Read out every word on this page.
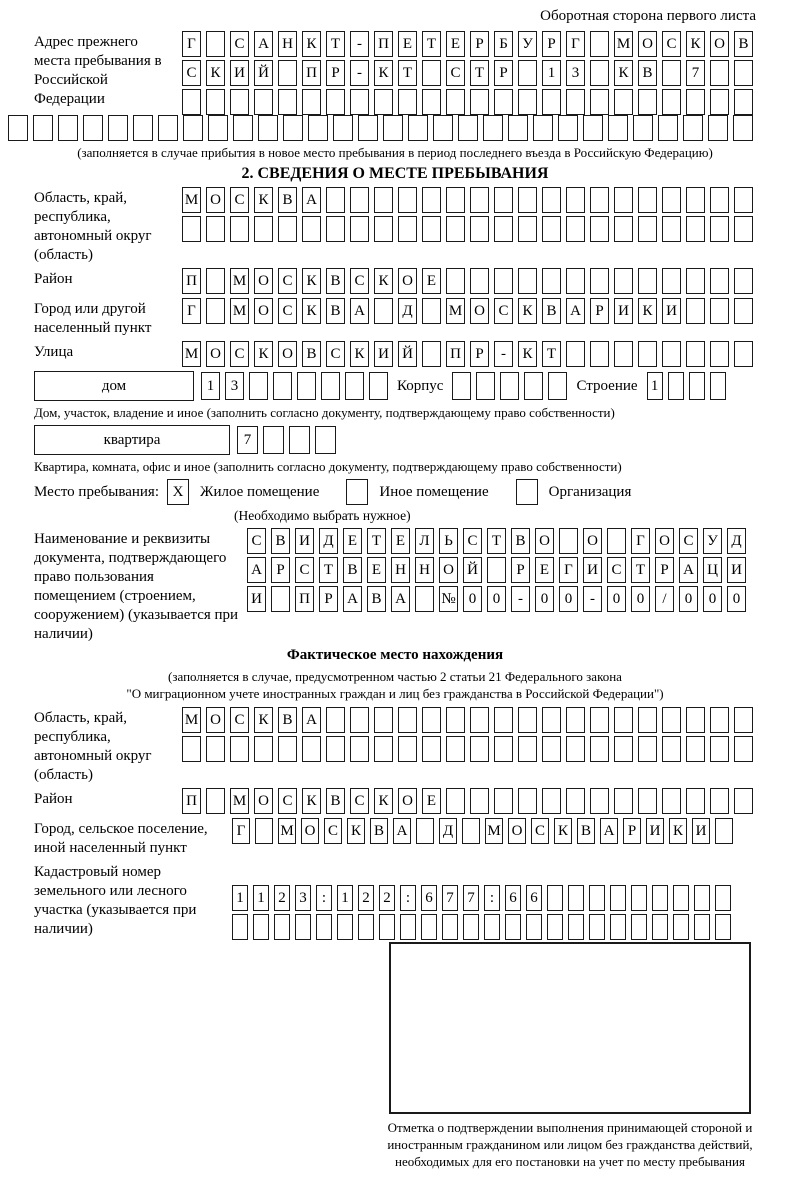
Оборотная сторона первого листа
Адрес прежнего места пребывания в Российской Федерации
Г	С А Н К Т	-	П Е Т Е	Р	Б У Р	Г	М О С К О В
С К И Й П Р	-	К Т	С Т	Р	1	3	К В	7
(заполняется в случае прибытия в новое место пребывания в период последнего въезда в Российскую Федерацию)
2. СВЕДЕНИЯ О МЕСТЕ ПРЕБЫВАНИЯ
Область, край, республика, автономный округ (область)
М О С К В А
Район	П М О С К В С К О Е
Город или другой населенный пункт
Г	М О С К В А Д М О С К В А Р И К И
Улица	М О С К О В С К И Й П Р	-	К Т
дом	1	3	Корпус	Строение 1
Дом, участок, владение и иное (заполнить согласно документу, подтверждающему право собственности)
квартира	7
Квартира, комната, офис и иное (заполнить согласно документу, подтверждающему право собственности)
Место пребывания: X	Жилое помещение	Иное помещение	Организация
(Необходимо выбрать нужное)
Наименование и реквизиты документа, подтверждающего право пользования помещением (строением, сооружением) (указывается при наличии)
С В И Д Е Т Е Л Ь С Т В О О	Г О С У Д
А Р С Т В Е Н Н О Й	Р	Е	Г И С Т	Р А Ц И
И П Р А В А № 0	0	-	0	0	-	0	0	/	0	0	0
Фактическое место нахождения
(заполняется в случае, предусмотренном частью 2 статьи 21 Федерального закона
"О миграционном учете иностранных граждан и лиц без гражданства в Российской Федерации")
Область, край, республика, автономный округ (область)
М О С К В А
Район	П М О С К В С К О Е
Город, сельское поселение, иной населенный пункт
Г	М О С К В А Д М О С К В А Р И К И
Кадастровый номер земельного или лесного участка (указывается при наличии)
1 1 2 3	:	1 2 2	:	6 7 7	:	6 6
Отметка о подтверждении выполнения принимающей стороной и иностранным гражданином или лицом без гражданства действий, необходимых для его постановки на учет по месту пребывания
